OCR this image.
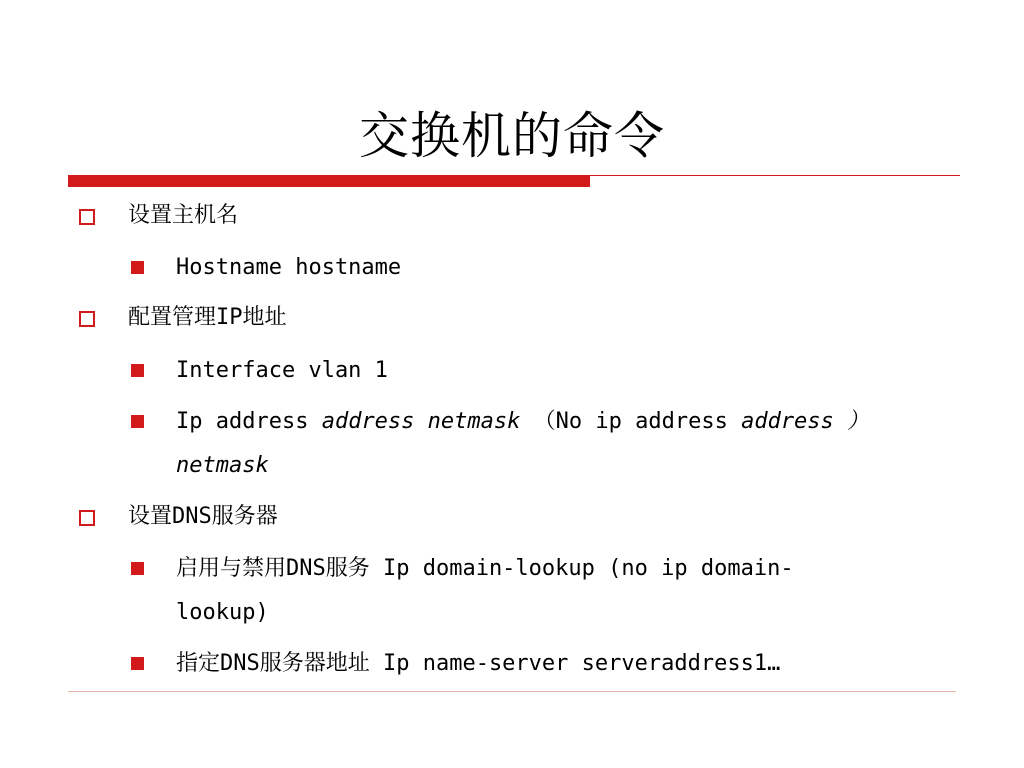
交换机的命令
设置主机名
Hostname hostname
配置管理IP地址
Interface vlan 1
Ip address address netmask （No ip address address ）
netmask
设置DNS服务器
启用与禁用DNS服务 Ip domain-lookup (no ip domain-
lookup)
指定DNS服务器地址 Ip name-server serveraddress1…
